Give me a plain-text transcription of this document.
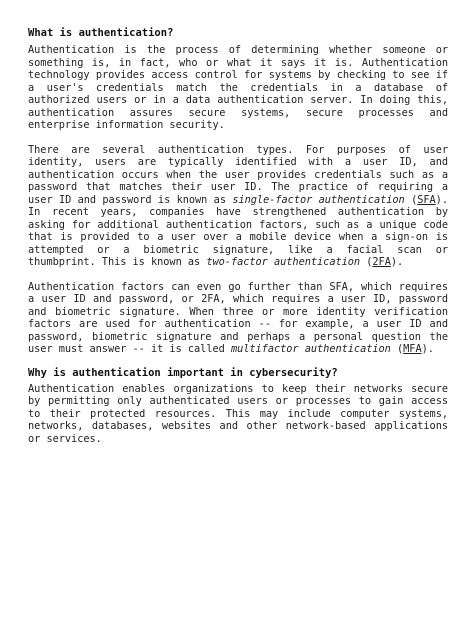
What is authentication?

Authentication is the process of determining whether someone or something is, in fact, who or what it says it is. Authentication technology provides access control for systems by checking to see if a user's credentials match the credentials in a database of authorized users or in a data authentication server. In doing this, authentication assures secure systems, secure processes and enterprise information security.

There are several authentication types. For purposes of user identity, users are typically identified with a user ID, and authentication occurs when the user provides credentials such as a password that matches their user ID. The practice of requiring a user ID and password is known as single-factor authentication (SFA). In recent years, companies have strengthened authentication by asking for additional authentication factors, such as a unique code that is provided to a user over a mobile device when a sign-on is attempted or a biometric signature, like a facial scan or thumbprint. This is known as two-factor authentication (2FA).

Authentication factors can even go further than SFA, which requires a user ID and password, or 2FA, which requires a user ID, password and biometric signature. When three or more identity verification factors are used for authentication -- for example, a user ID and password, biometric signature and perhaps a personal question the user must answer -- it is called multifactor authentication (MFA).

Why is authentication important in cybersecurity?

Authentication enables organizations to keep their networks secure by permitting only authenticated users or processes to gain access to their protected resources. This may include computer systems, networks, databases, websites and other network-based applications or services.
